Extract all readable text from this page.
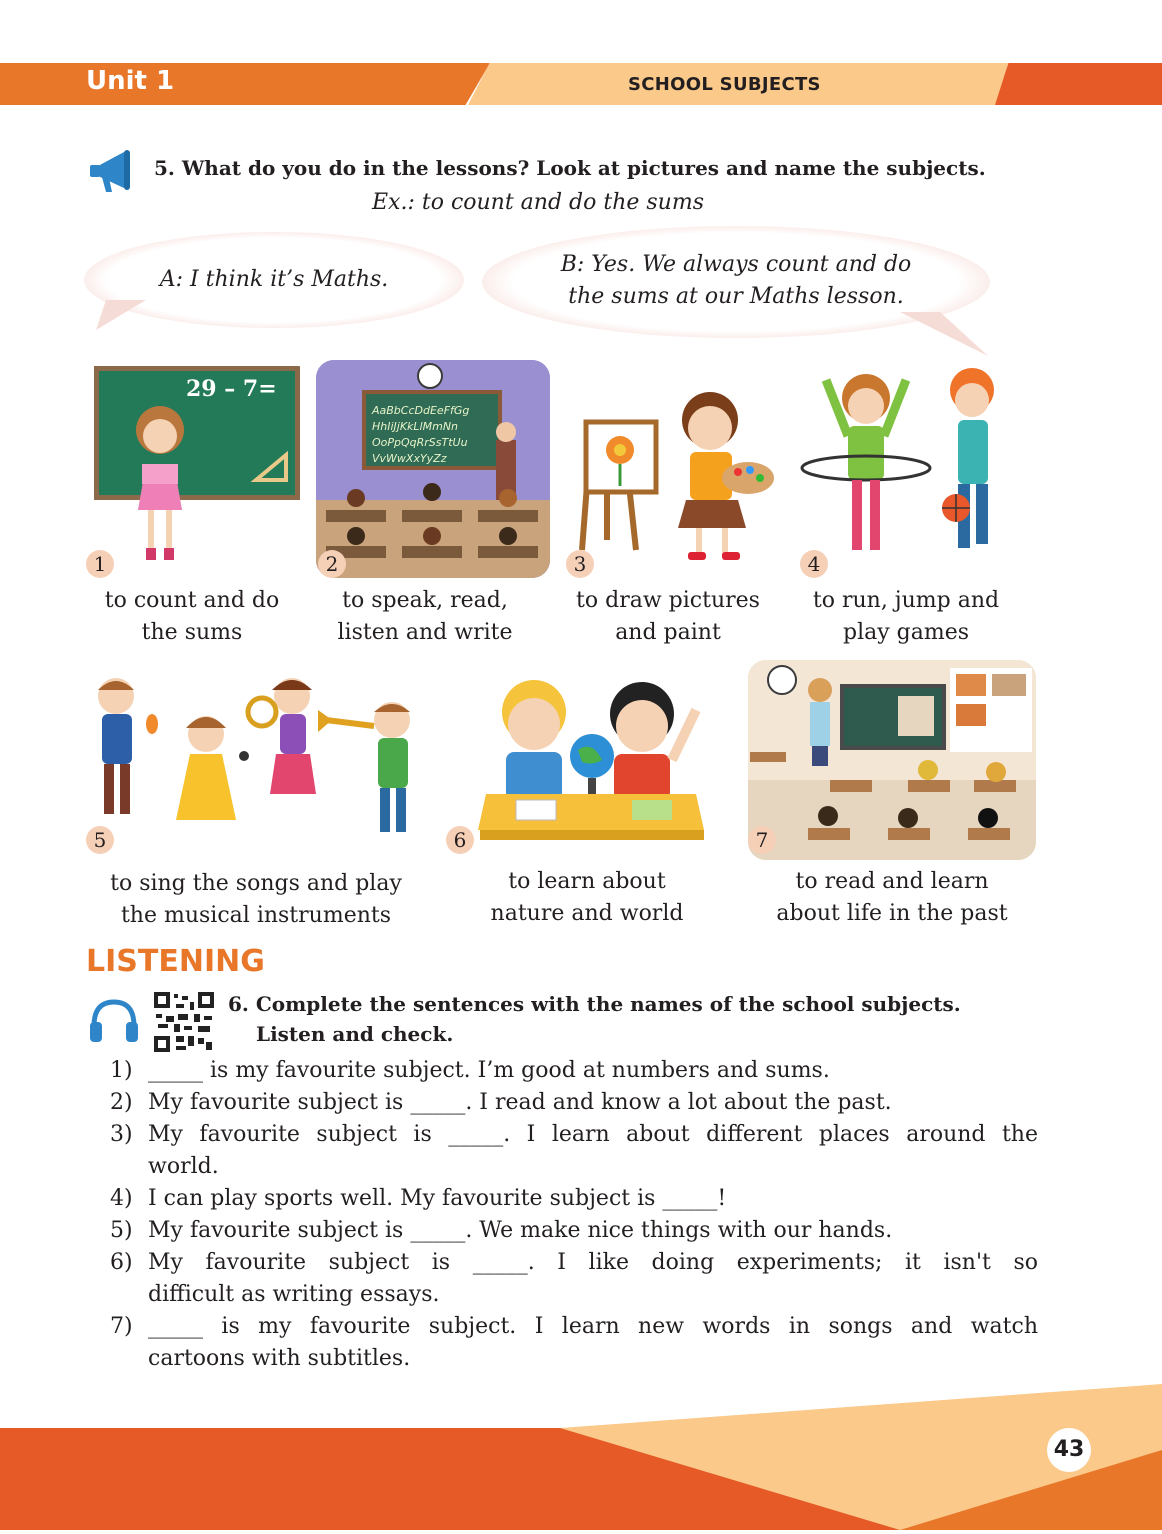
Unit 1	SCHOOL SUBJECTS
5. What do you do in the lessons? Look at pictures and name the subjects.
Ex.: to count and do the sums
A: I think it’s Maths.
B: Yes. We always count and do
the sums at our Maths lesson.
29 – 7=
AaBbCcDdEeFfGg
HhIiJjKkLlMmNn
OoPpQqRrSsTtUu
VvWwXxYyZz
1	2	3	4
to count and do
the sums
to speak, read,
listen and write
to draw pictures
and paint
to run, jump and
play games
5	6	7
to sing the songs and play
the musical instruments
to learn about
nature and world
to read and learn
about life in the past
LISTENING
6. Complete the sentences with the names of the school subjects.
Listen and check.
1) _____ is my favourite subject. I’m good at numbers and sums.
2) My favourite subject is _____. I read and know a lot about the past.
3) My favourite subject is _____. I learn about different places around the
world.
4) I can play sports well. My favourite subject is _____!
5) My favourite subject is _____. We make nice things with our hands.
6) My favourite subject is _____. I like doing experiments; it isn't so
difficult as writing essays.
7) _____ is my favourite subject. I learn new words in songs and watch
cartoons with subtitles.
43
